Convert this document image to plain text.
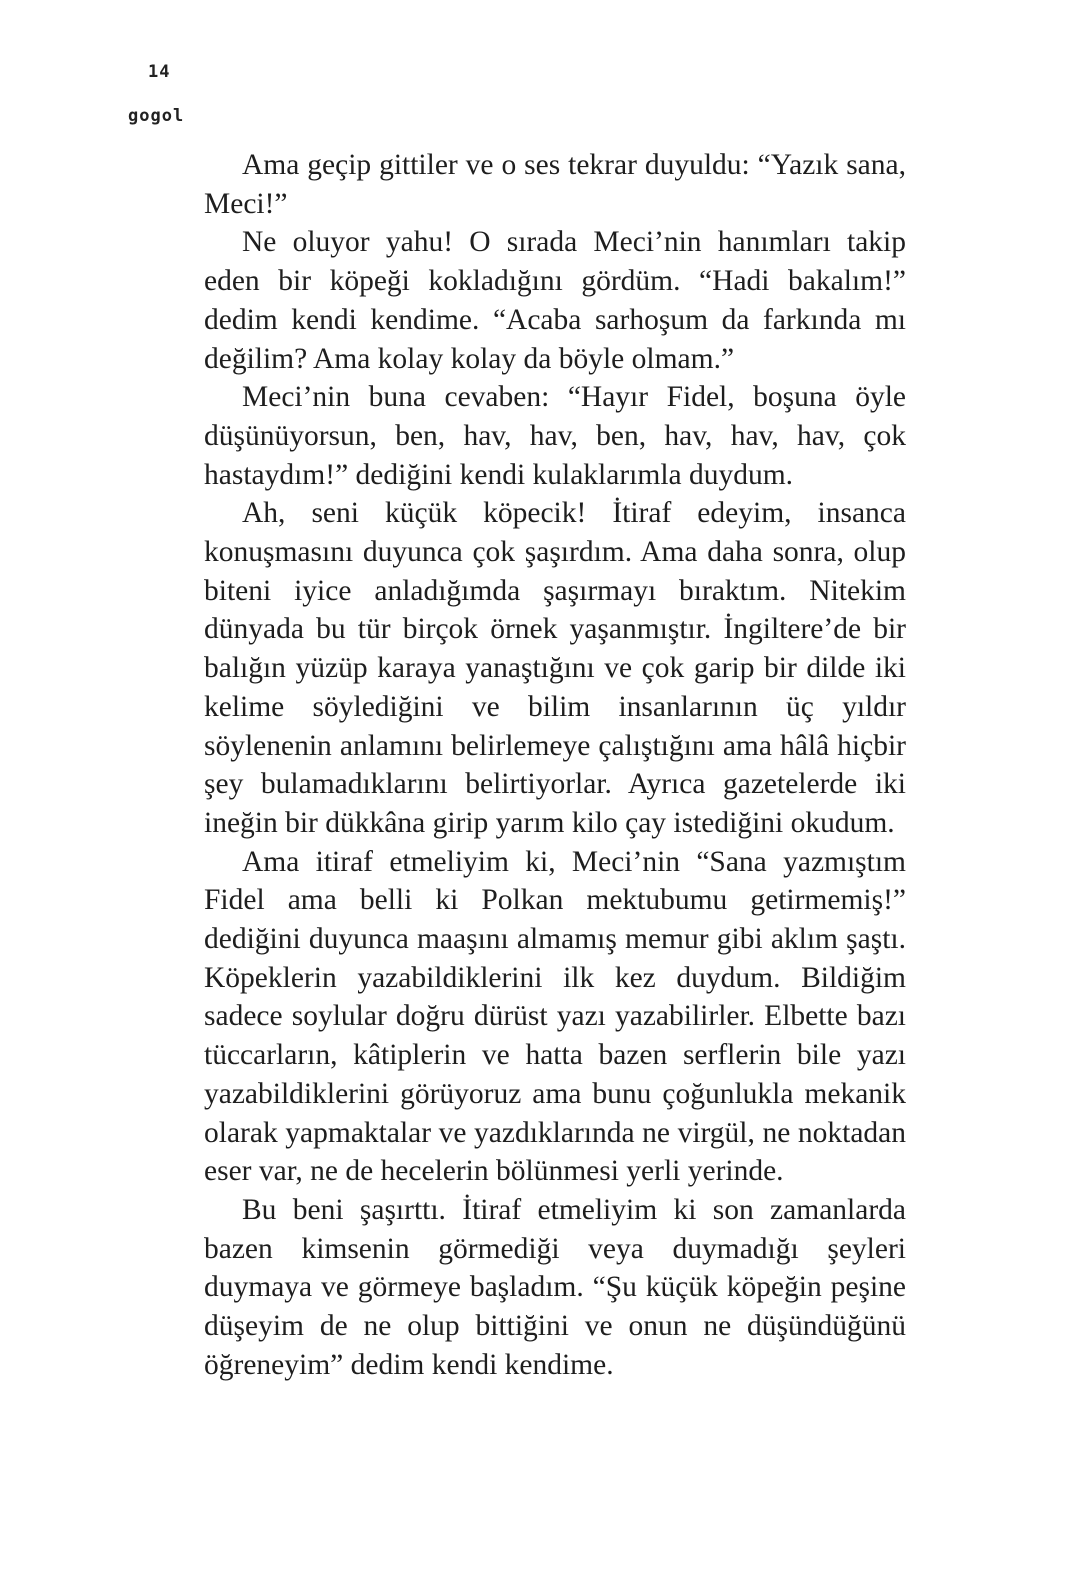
14
gogol

Ama geçip gittiler ve o ses tekrar duyuldu: “Yazık sana, Meci!”

Ne oluyor yahu! O sırada Meci’nin hanımları takip eden bir köpeği kokladığını gördüm. “Hadi bakalım!” dedim kendi kendime. “Acaba sarhoşum da farkında mı değilim? Ama kolay kolay da böyle olmam.”

Meci’nin buna cevaben: “Hayır Fidel, boşuna öyle düşünüyorsun, ben, hav, hav, ben, hav, hav, hav, çok hastaydım!” dediğini kendi kulaklarımla duydum.

Ah, seni küçük köpecik! İtiraf edeyim, insanca konuşmasını duyunca çok şaşırdım. Ama daha sonra, olup biteni iyice anladığımda şaşırmayı bıraktım. Nitekim dünyada bu tür birçok örnek yaşanmıştır. İngiltere’de bir balığın yüzüp karaya yanaştığını ve çok garip bir dilde iki kelime söylediğini ve bilim insanlarının üç yıldır söylenenin anlamını belirlemeye çalıştığını ama hâlâ hiçbir şey bulamadıklarını belirtiyorlar. Ayrıca gazetelerde iki ineğin bir dükkâna girip yarım kilo çay istediğini okudum.

Ama itiraf etmeliyim ki, Meci’nin “Sana yazmıştım Fidel ama belli ki Polkan mektubumu getirmemiş!” dediğini duyunca maaşını almamış memur gibi aklım şaştı. Köpeklerin yazabildiklerini ilk kez duydum. Bildiğim sadece soylular doğru dürüst yazı yazabilirler. Elbette bazı tüccarların, kâtiplerin ve hatta bazen serflerin bile yazı yazabildiklerini görüyoruz ama bunu çoğunlukla mekanik olarak yapmaktalar ve yazdıklarında ne virgül, ne noktadan eser var, ne de hecelerin bölünmesi yerli yerinde.

Bu beni şaşırttı. İtiraf etmeliyim ki son zamanlarda bazen kimsenin görmediği veya duymadığı şeyleri duymaya ve görmeye başladım. “Şu küçük köpeğin peşine düşeyim de ne olup bittiğini ve onun ne düşündüğünü öğreneyim” dedim kendi kendime.
